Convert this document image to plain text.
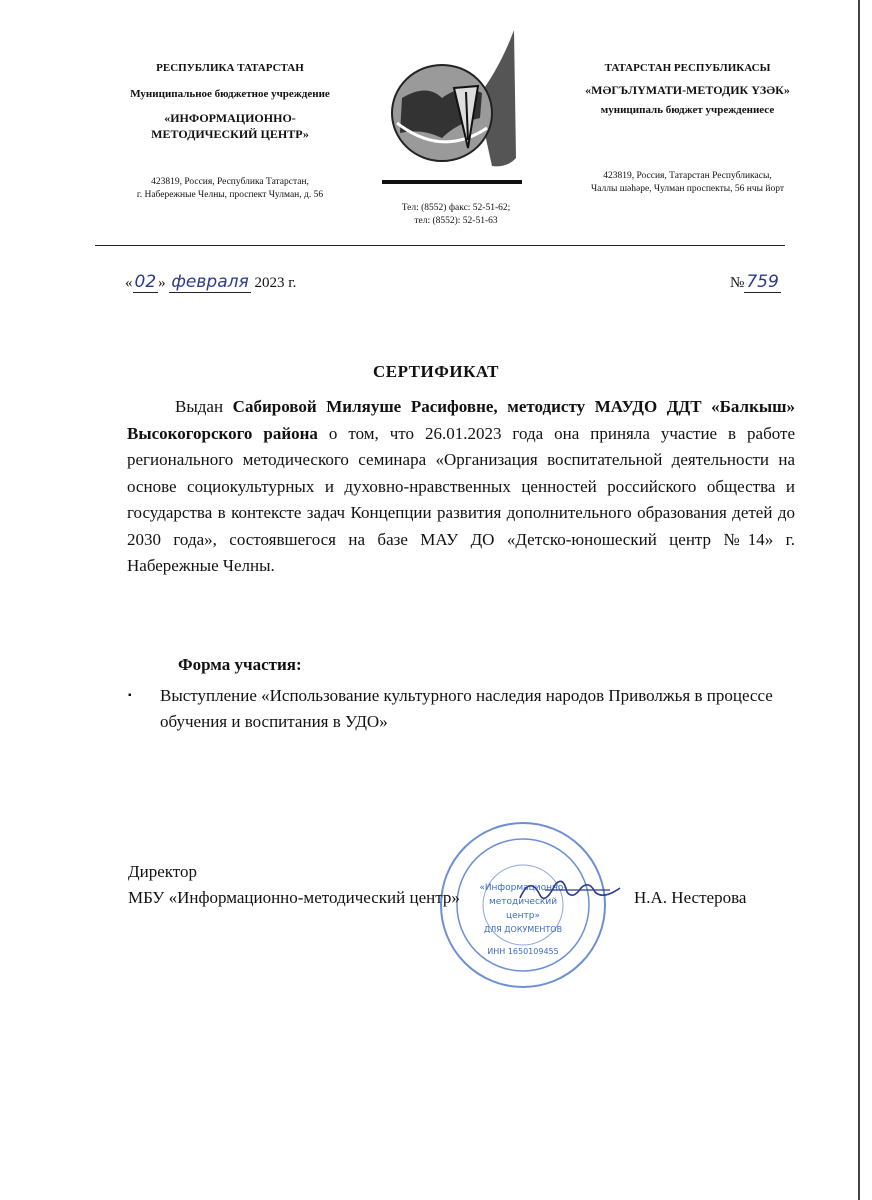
РЕСПУБЛИКА ТАТАРСТАН
Муниципальное бюджетное учреждение
«ИНФОРМАЦИОННО-
МЕТОДИЧЕСКИЙ ЦЕНТР»
423819, Россия, Республика Татарстан,
г. Набережные Челны, проспект Чулман, д. 56
Тел: (8552) факс: 52-51-62;
тел: (8552): 52-51-63
ТАТАРСТАН РЕСПУБЛИКАСЫ
«МӘГЪЛҮМАТИ-МЕТОДИК ҮЗӘК»
муниципаль бюджет учреждениесе
423819, Россия, Татарстан Республикасы,
Чаллы шәһәре, Чулман проспекты, 56 нчы йорт
« 02 » февраля 2023 г.	№ 759
СЕРТИФИКАТ
Выдан Сабировой Миляуше Расифовне, методисту МАУДО ДДТ «Балкыш» Высокогорского района о том, что 26.01.2023 года она приняла участие в работе регионального методического семинара «Организация воспитательной деятельности на основе социокультурных и духовно-нравственных ценностей российского общества и государства в контексте задач Концепции развития дополнительного образования детей до 2030 года», состоявшегося на базе МАУ ДО «Детско-юношеский центр №14» г. Набережные Челны.
Форма участия:
▪ Выступление «Использование культурного наследия народов Приволжья в процессе обучения и воспитания в УДО»
«Информационно-
методический
центр»
ДЛЯ ДОКУМЕНТОВ
ИНН 1650109455
Директор
МБУ «Информационно-методический центр»	Н.А. Нестерова
